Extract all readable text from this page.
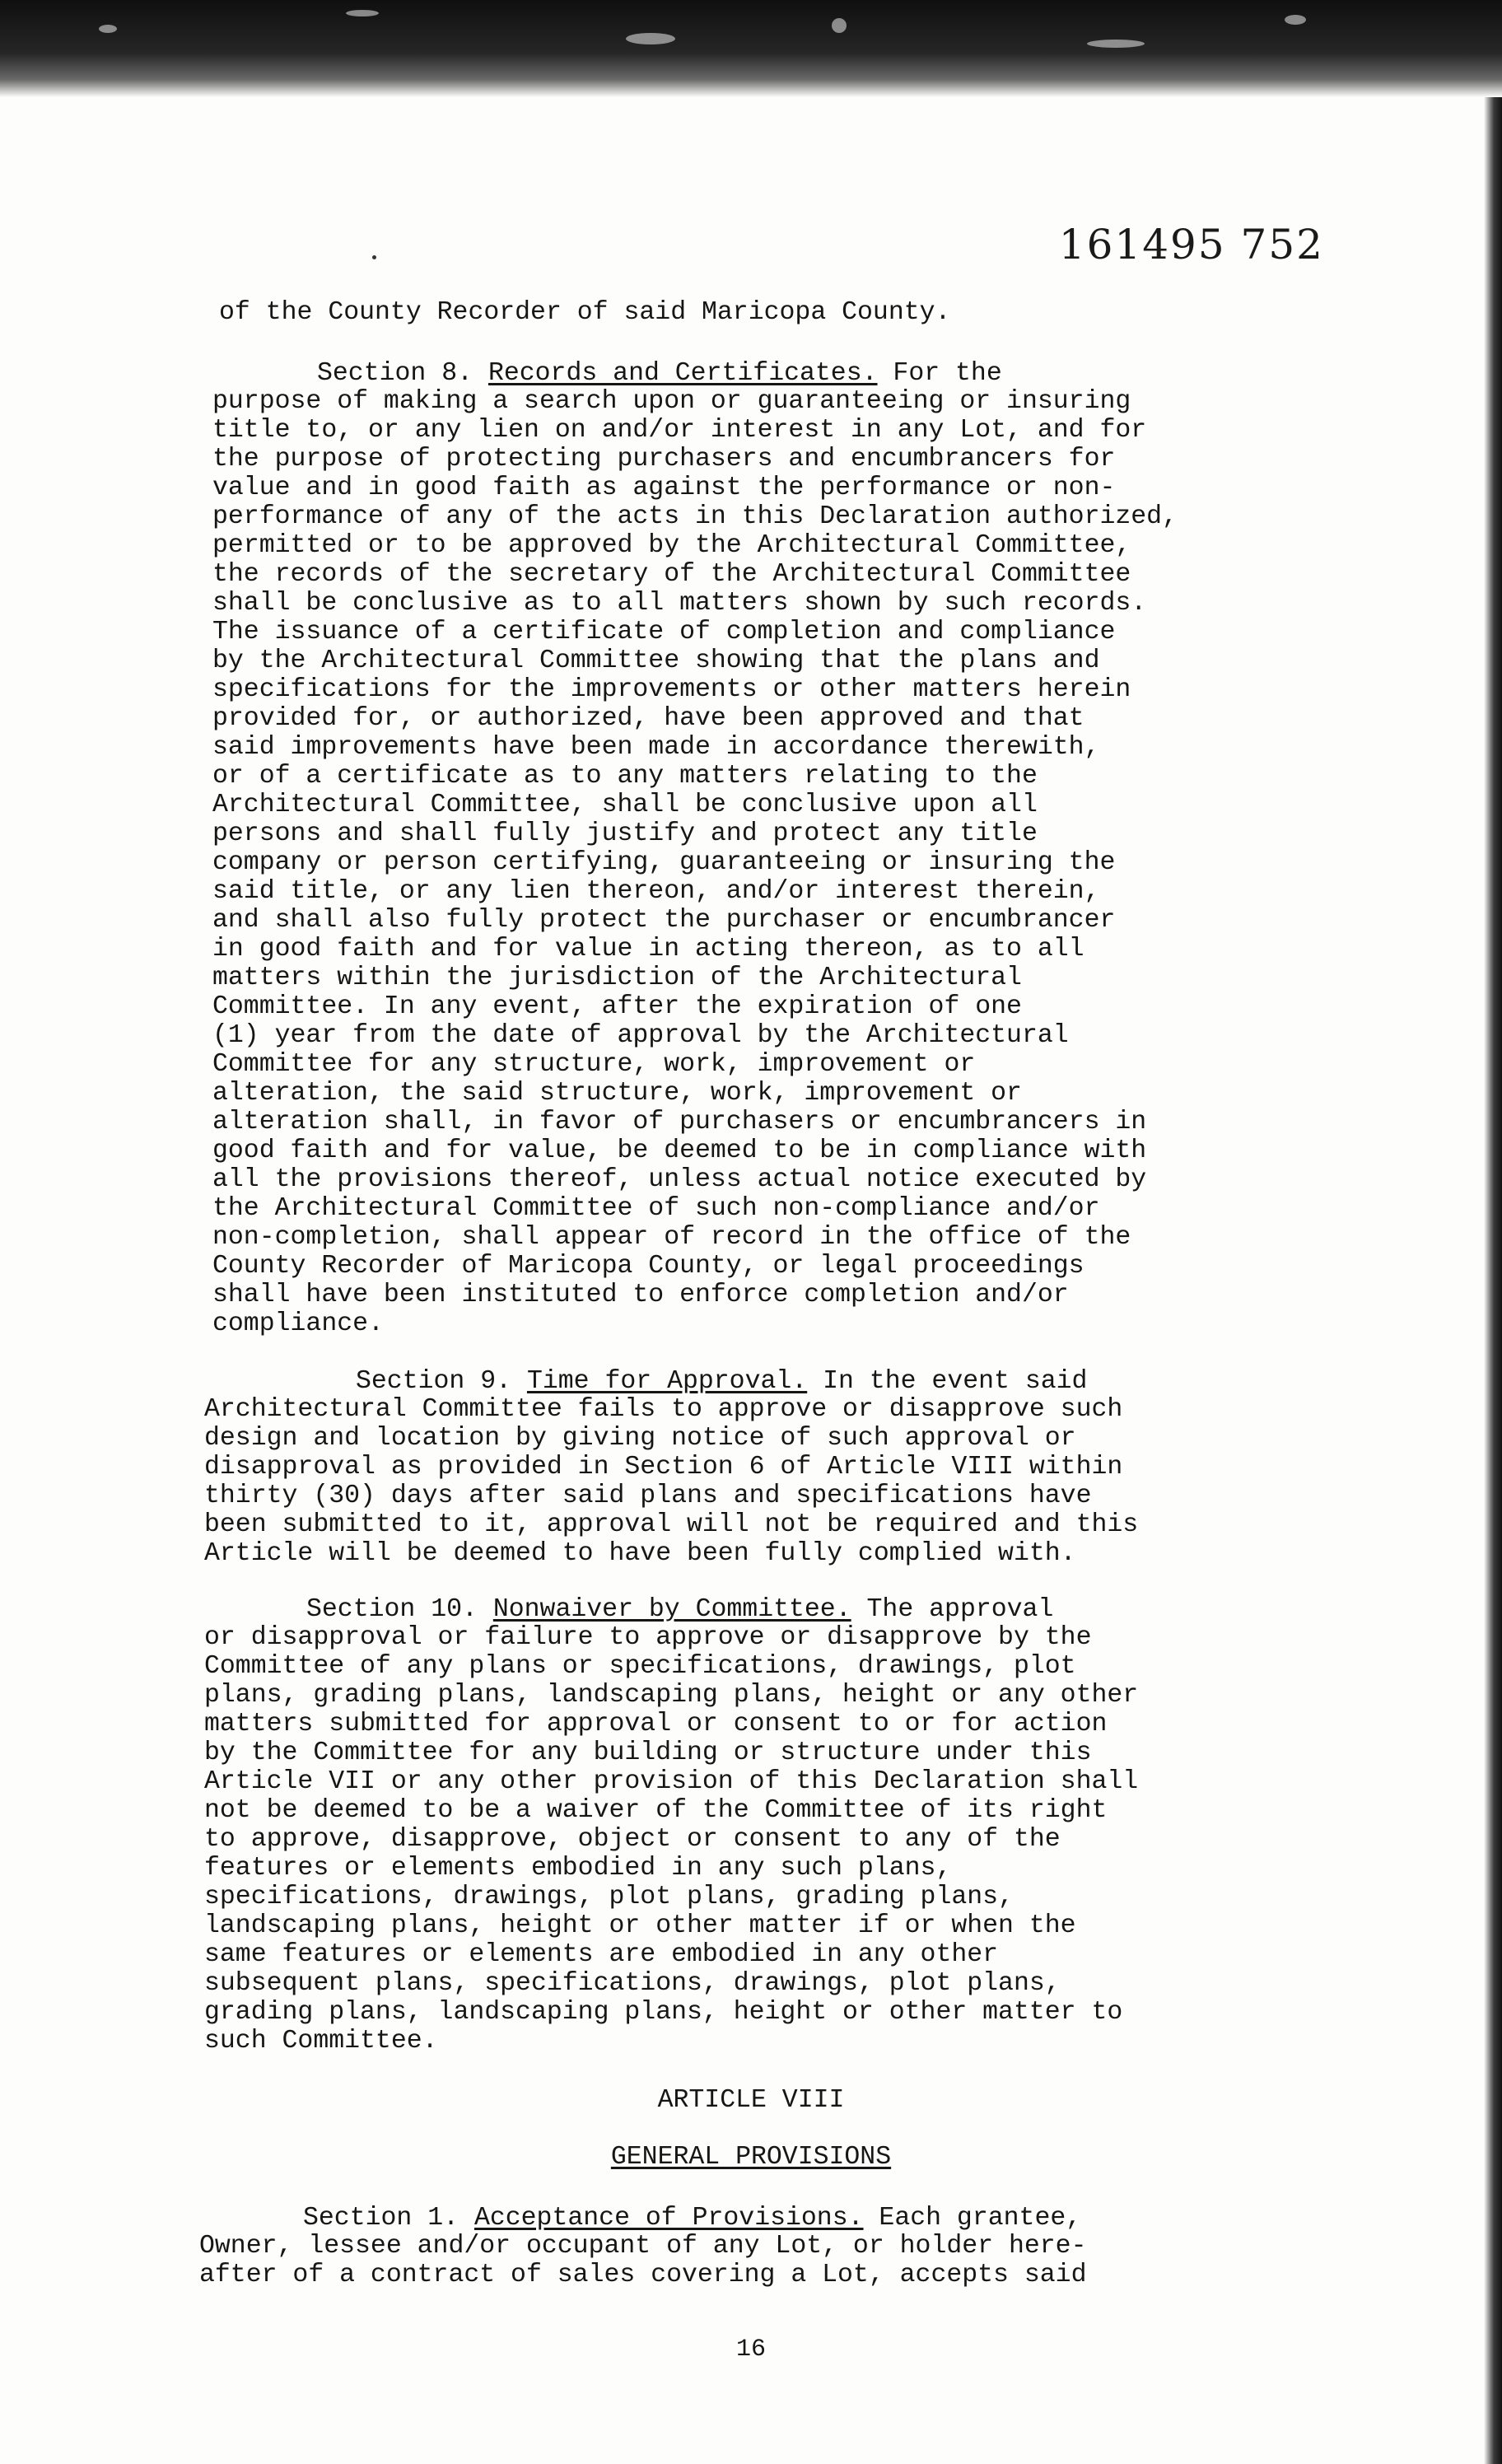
161495 752
of the County Recorder of said Maricopa County.
Section 8. Records and Certificates. For the
purpose of making a search upon or guaranteeing or insuring
title to, or any lien on and/or interest in any Lot, and for
the purpose of protecting purchasers and encumbrancers for
value and in good faith as against the performance or non-
performance of any of the acts in this Declaration authorized,
permitted or to be approved by the Architectural Committee,
the records of the secretary of the Architectural Committee
shall be conclusive as to all matters shown by such records.
The issuance of a certificate of completion and compliance
by the Architectural Committee showing that the plans and
specifications for the improvements or other matters herein
provided for, or authorized, have been approved and that
said improvements have been made in accordance therewith,
or of a certificate as to any matters relating to the
Architectural Committee, shall be conclusive upon all
persons and shall fully justify and protect any title
company or person certifying, guaranteeing or insuring the
said title, or any lien thereon, and/or interest therein,
and shall also fully protect the purchaser or encumbrancer
in good faith and for value in acting thereon, as to all
matters within the jurisdiction of the Architectural
Committee. In any event, after the expiration of one
(1) year from the date of approval by the Architectural
Committee for any structure, work, improvement or
alteration, the said structure, work, improvement or
alteration shall, in favor of purchasers or encumbrancers in
good faith and for value, be deemed to be in compliance with
all the provisions thereof, unless actual notice executed by
the Architectural Committee of such non-compliance and/or
non-completion, shall appear of record in the office of the
County Recorder of Maricopa County, or legal proceedings
shall have been instituted to enforce completion and/or
compliance.
Section 9. Time for Approval. In the event said
Architectural Committee fails to approve or disapprove such
design and location by giving notice of such approval or
disapproval as provided in Section 6 of Article VIII within
thirty (30) days after said plans and specifications have
been submitted to it, approval will not be required and this
Article will be deemed to have been fully complied with.
Section 10. Nonwaiver by Committee. The approval
or disapproval or failure to approve or disapprove by the
Committee of any plans or specifications, drawings, plot
plans, grading plans, landscaping plans, height or any other
matters submitted for approval or consent to or for action
by the Committee for any building or structure under this
Article VII or any other provision of this Declaration shall
not be deemed to be a waiver of the Committee of its right
to approve, disapprove, object or consent to any of the
features or elements embodied in any such plans,
specifications, drawings, plot plans, grading plans,
landscaping plans, height or other matter if or when the
same features or elements are embodied in any other
subsequent plans, specifications, drawings, plot plans,
grading plans, landscaping plans, height or other matter to
such Committee.
ARTICLE VIII
GENERAL PROVISIONS
Section 1. Acceptance of Provisions. Each grantee,
Owner, lessee and/or occupant of any Lot, or holder here-
after of a contract of sales covering a Lot, accepts said
16
